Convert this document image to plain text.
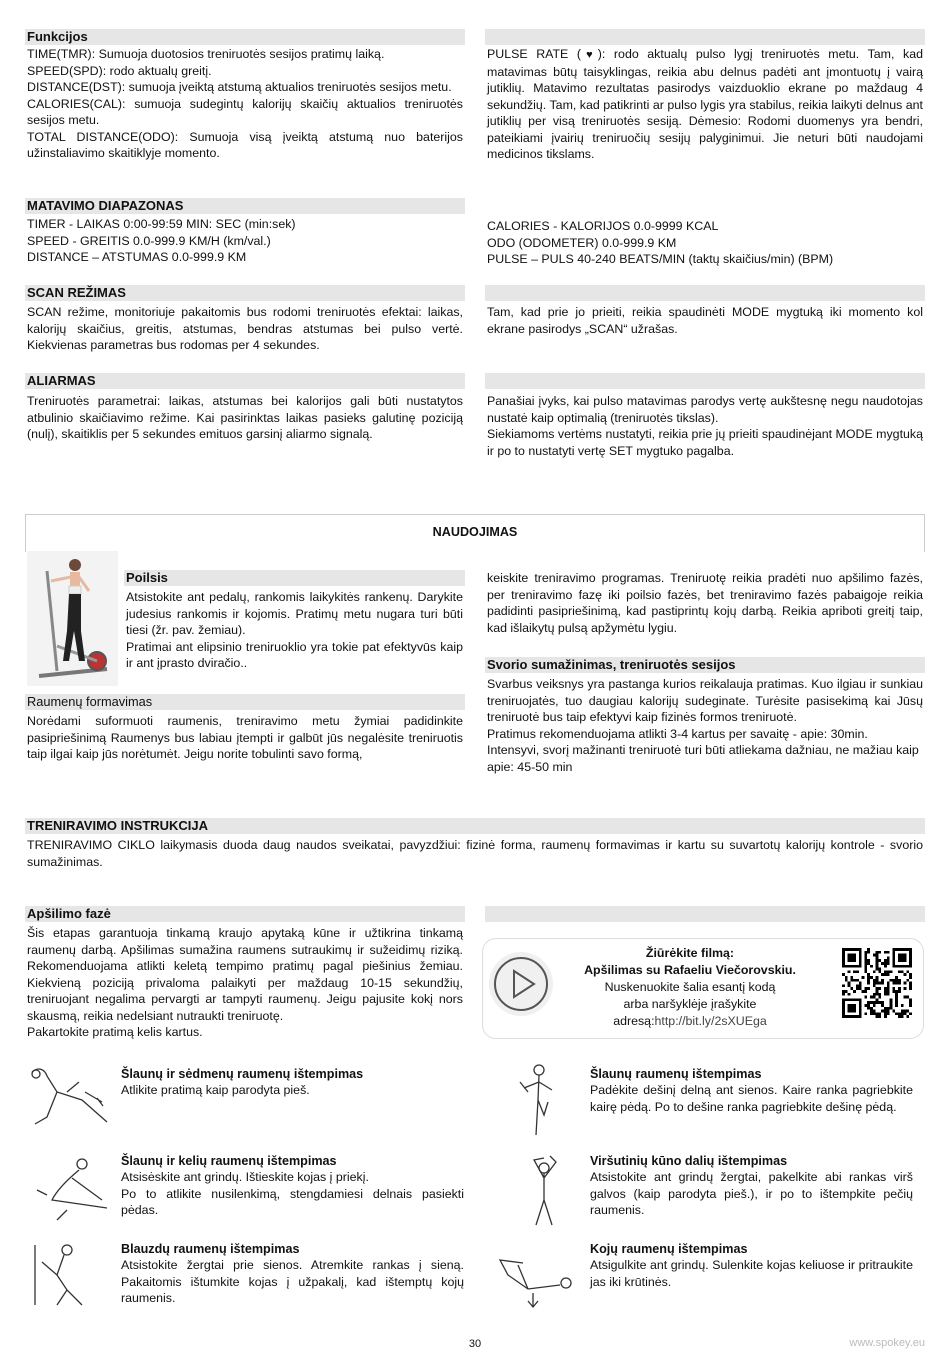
Funkcijos

TIME(TMR): Sumuoja duotosios treniruotės sesijos pratimų laiką.

SPEED(SPD): rodo aktualų greitį.

DISTANCE(DST): sumuoja įveiktą atstumą aktualios treniruotės sesijos metu.

CALORIES(CAL): sumuoja sudegintų kalorijų skaičių aktualios treniruotės sesijos metu.

TOTAL DISTANCE(ODO): Sumuoja visą įveiktą atstumą nuo baterijos užinstaliavimo skaitiklyje momento.

PULSE RATE (♥): rodo aktualų pulso lygį treniruotės metu. Tam, kad matavimas būtų taisyklingas, reikia abu delnus padėti ant įmontuotų į vairą jutiklių. Matavimo rezultatas pasirodys vaizduoklio ekrane po maždaug 4 sekundžių. Tam, kad patikrinti ar pulso lygis yra stabilus, reikia laikyti delnus ant jutiklių per visą treniruotės sesiją. Dėmesio: Rodomi duomenys yra bendri, pateikiami įvairių treniruočių sesijų palyginimui. Jie neturi būti naudojami medicinos tikslams.
MATAVIMO DIAPAZONAS

TIMER - LAIKAS 0:00-99:59 MIN: SEC (min:sek)

SPEED - GREITIS 0.0-999.9 KM/H (km/val.)

DISTANCE – ATSTUMAS 0.0-999.9 KM

CALORIES - KALORIJOS 0.0-9999 KCAL

ODO (ODOMETER) 0.0-999.9 KM

PULSE – PULS 40-240 BEATS/MIN (taktų skaičius/min) (BPM)

SCAN REŽIMAS
SCAN režime, monitoriuje pakaitomis bus rodomi treniruotės efektai: laikas, kalorijų skaičius, greitis, atstumas, bendras atstumas bei pulso vertė. Kiekvienas parametras bus rodomas per 4 sekundes.
Tam, kad prie jo prieiti, reikia spaudinėti MODE mygtuką iki momento kol ekrane pasirodys „SCAN“ užrašas.
ALIARMAS
Treniruotės parametrai: laikas, atstumas bei kalorijos gali būti nustatytos atbulinio skaičiavimo režime. Kai pasirinktas laikas pasieks galutinę poziciją (nulį), skaitiklis per 5 sekundes emituos garsinį aliarmo signalą.

Panašiai įvyks, kai pulso matavimas parodys vertę aukštesnę negu naudotojas nustatė kaip optimalią (treniruotės tikslas).

Siekiamoms vertėms nustatyti, reikia prie jų prieiti spaudinėjant MODE mygtuką ir po to nustatyti vertę SET mygtuko pagalba.

NAUDOJIMAS
Poilsis

Atsistokite ant pedalų, rankomis laikykitės rankenų. Darykite judesius rankomis ir kojomis. Pratimų metu nugara turi būti tiesi (žr. pav. žemiau).

Pratimai ant elipsinio treniruoklio yra tokie pat efektyvūs kaip ir ant įprasto dviračio..

Raumenų formavimas
Norėdami suformuoti raumenis, treniravimo metu žymiai padidinkite pasipriešinimą Raumenys bus labiau įtempti ir galbūt jūs negalėsite treniruotis taip ilgai kaip jūs norėtumėt. Jeigu norite tobulinti savo formą,
keiskite treniravimo programas. Treniruotę reikia pradėti nuo apšilimo fazės, per treniravimo fazę iki poilsio fazės, bet treniravimo fazės pabaigoje reikia padidinti pasipriešinimą, kad pastiprintų kojų darbą. Reikia apriboti greitį taip, kad išlaikytų pulsą apžymėtu lygiu.
Svorio sumažinimas, treniruotės sesijos

Svarbus veiksnys yra pastanga kurios reikalauja pratimas. Kuo ilgiau ir sunkiau treniruojatės, tuo daugiau kalorijų sudeginate. Turėsite pasisekimą kai Jūsų treniruotė bus taip efektyvi kaip fizinės formos treniruotė.

Pratimus rekomenduojama atlikti 3-4 kartus per savaitę - apie: 30min.

Intensyvi, svorį mažinanti treniruotė turi būti atliekama dažniau, ne mažiau kaip apie: 45-50 min

TRENIRAVIMO INSTRUKCIJA
TRENIRAVIMO CIKLO laikymasis duoda daug naudos sveikatai, pavyzdžiui: fizinė forma, raumenų formavimas ir kartu su suvartotų kalorijų kontrole - svorio sumažinimas.
Apšilimo fazė

Šis etapas garantuoja tinkamą kraujo apytaką kūne ir užtikrina tinkamą raumenų darbą. Apšilimas sumažina raumens sutraukimų ir sužeidimų riziką. Rekomenduojama atlikti keletą tempimo pratimų pagal piešinius žemiau. Kiekvieną poziciją privaloma palaikyti per maždaug 10-15 sekundžių, treniruojant negalima pervargti ar tampyti raumenų. Jeigu pajusite kokį nors skausmą, reikia nedelsiant nutraukti treniruotę.

Pakartokite pratimą kelis kartus.

Žiūrėkite filmą:
Apšilimas su Rafaeliu Viečorovskiu.
Nuskenuokite šalia esantį kodą
arba naršyklėje įrašykite
adresą:http://bit.ly/2sXUEga
Šlaunų ir sėdmenų raumenų ištempimas
Atlikite pratimą kaip parodyta pieš.
Šlaunų raumenų ištempimas
Padėkite dešinį delną ant sienos. Kaire ranka pagriebkite kairę pėdą. Po to dešine ranka pagriebkite dešinę pėdą.
Šlaunų ir kelių raumenų ištempimas

Atsisėskite ant grindų. Ištieskite kojas į priekį.

Po to atlikite nusilenkimą, stengdamiesi delnais pasiekti pėdas.

Viršutinių kūno dalių ištempimas
Atsistokite ant grindų žergtai, pakelkite abi rankas virš galvos (kaip parodyta pieš.), ir po to ištempkite pečių raumenis.
Blauzdų raumenų ištempimas
Atsistokite žergtai prie sienos. Atremkite rankas į sieną. Pakaitomis ištumkite kojas į užpakalį, kad ištemptų kojų raumenis.
Kojų raumenų ištempimas
Atsigulkite ant grindų. Sulenkite kojas keliuose ir pritraukite jas iki krūtinės.
30	www.spokey.eu
